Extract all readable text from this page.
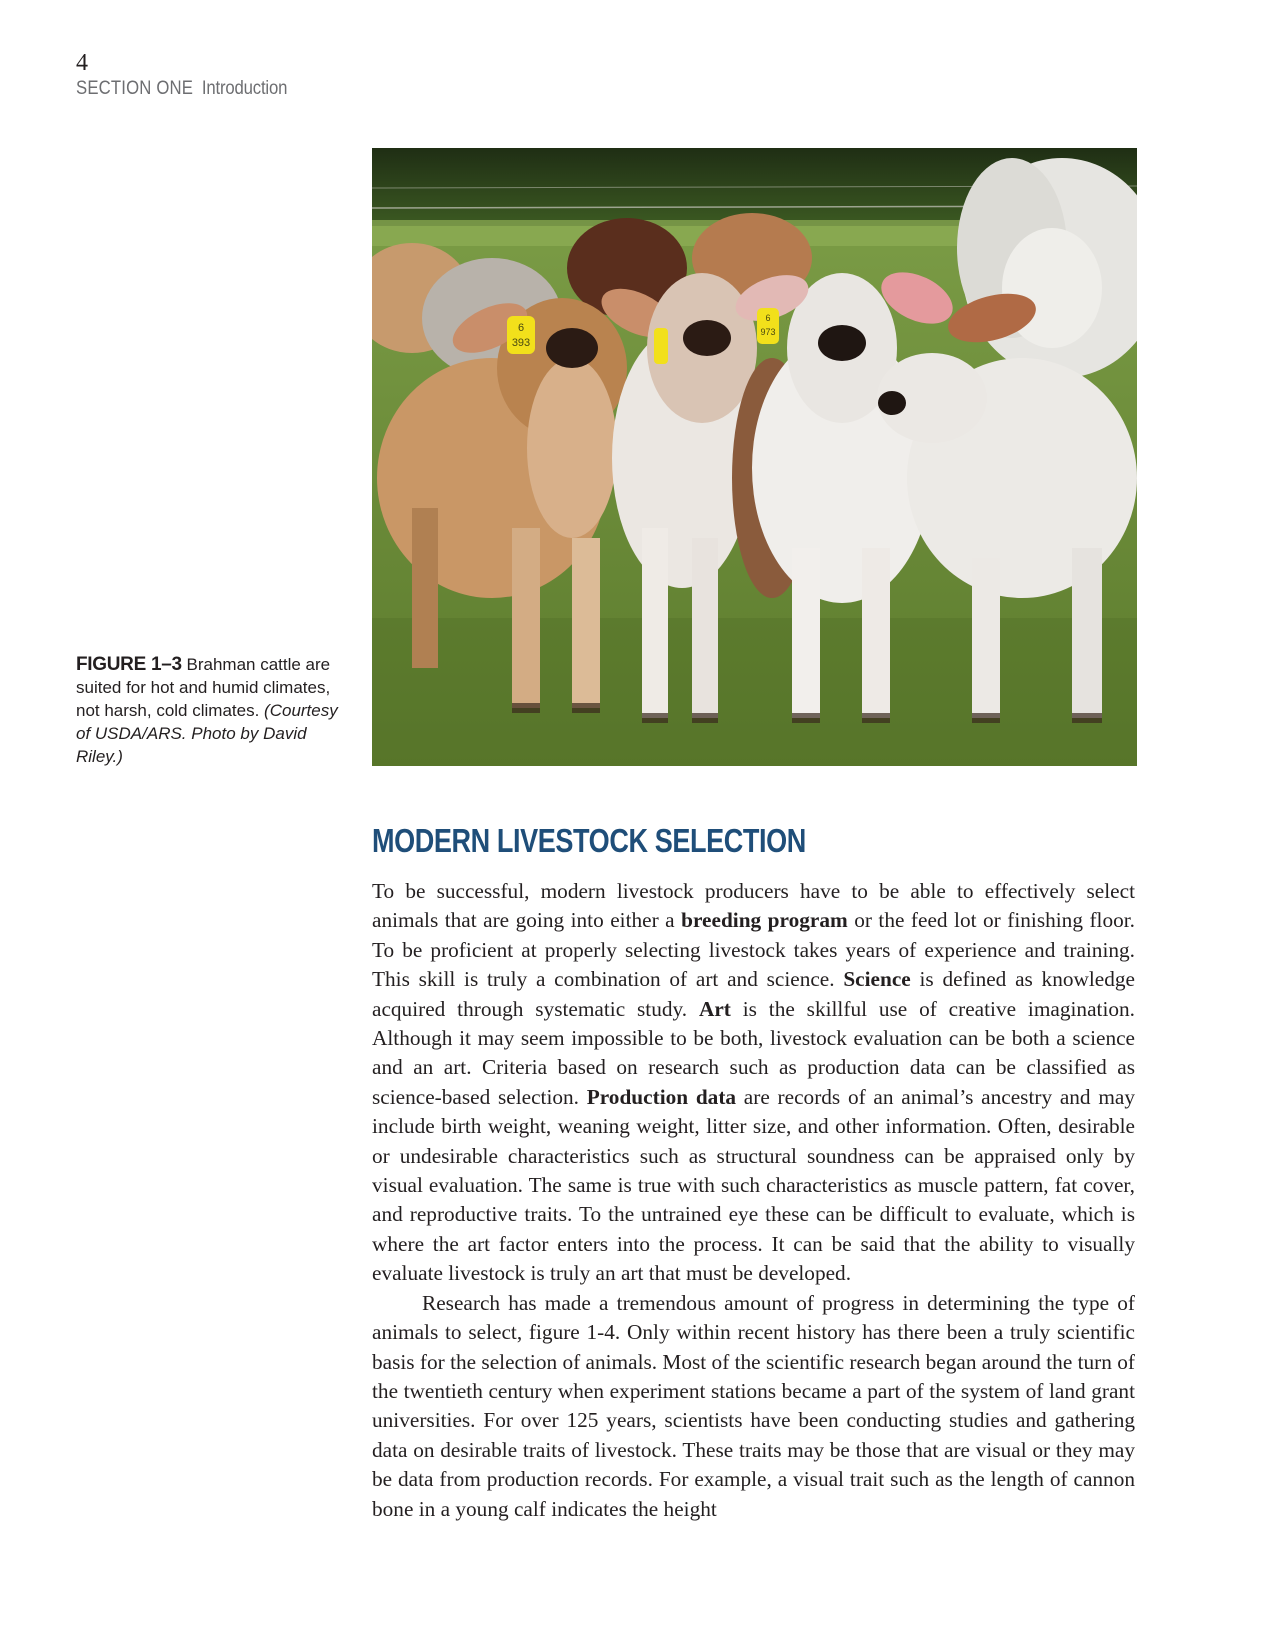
4
SECTION ONE Introduction
6
393
6
973
FIGURE 1–3 Brahman cattle are suited for hot and humid climates, not harsh, cold climates. (Courtesy of USDA/ARS. Photo by David Riley.)
MODERN LIVESTOCK SELECTION

To be successful, modern livestock producers have to be able to effectively select animals that are going into either a breeding program or the feed lot or finishing floor. To be proficient at properly selecting livestock takes years of experience and training. This skill is truly a combination of art and science. Science is defined as knowledge acquired through systematic study. Art is the skillful use of creative imagination. Although it may seem impossible to be both, livestock evaluation can be both a science and an art. Criteria based on research such as production data can be classified as science-based selection. Production data are records of an animal’s ancestry and may include birth weight, weaning weight, litter size, and other information. Often, desirable or undesirable characteristics such as structural soundness can be appraised only by visual evaluation. The same is true with such characteristics as muscle pattern, fat cover, and reproductive traits. To the untrained eye these can be difficult to evaluate, which is where the art factor enters into the process. It can be said that the ability to visually evaluate livestock is truly an art that must be developed.

Research has made a tremendous amount of progress in determining the type of animals to select, figure 1-4. Only within recent history has there been a truly scientific basis for the selection of animals. Most of the scientific research began around the turn of the twentieth century when experiment stations became a part of the system of land grant universities. For over 125 years, scientists have been conducting studies and gathering data on desirable traits of livestock. These traits may be those that are visual or they may be data from production records. For example, a visual trait such as the length of cannon bone in a young calf indicates the height
